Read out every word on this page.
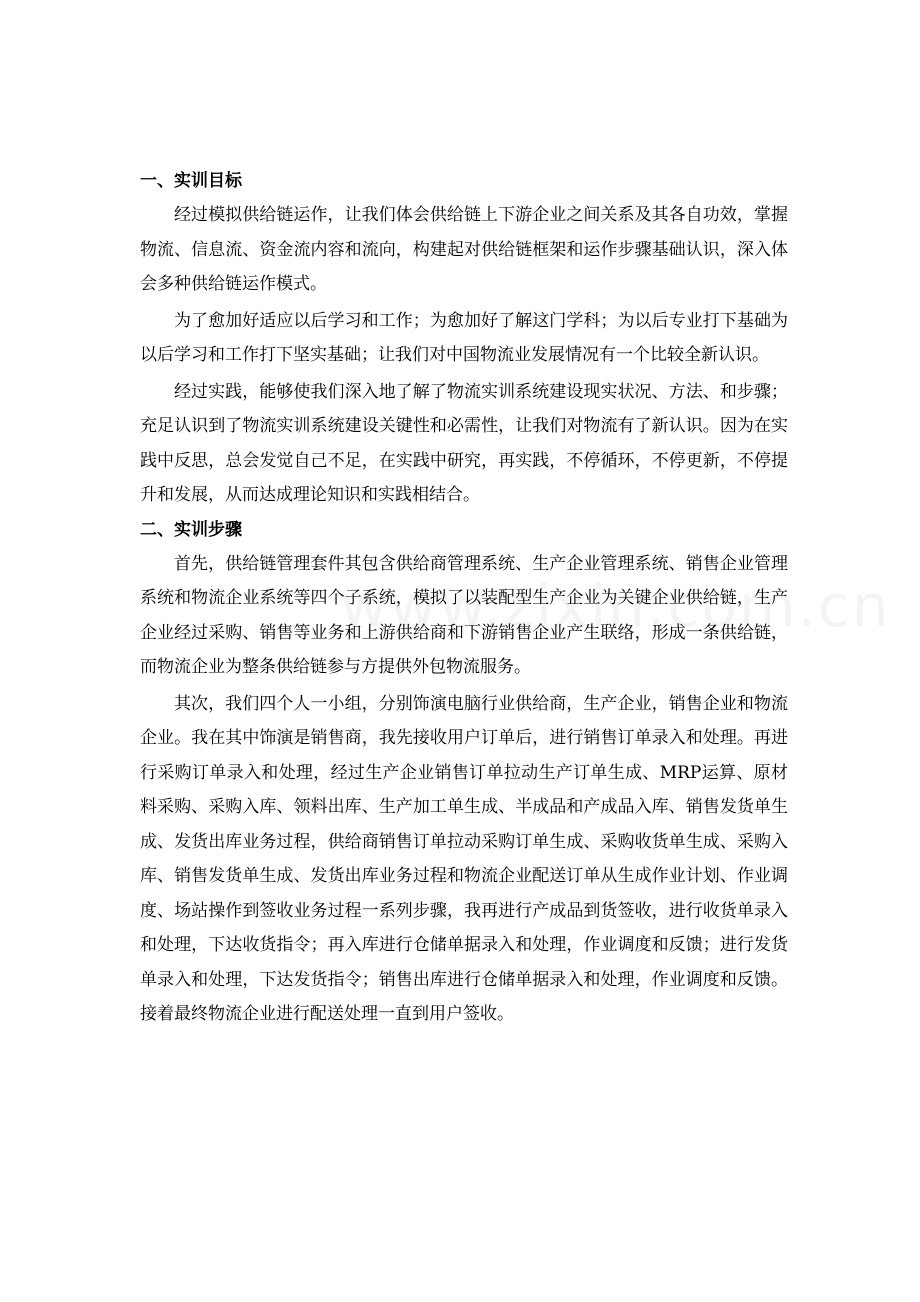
一、实训目标

经过模拟供给链运作，让我们体会供给链上下游企业之间关系及其各自功效，掌握物流、信息流、资金流内容和流向，构建起对供给链框架和运作步骤基础认识，深入体会多种供给链运作模式。

为了愈加好适应以后学习和工作；为愈加好了解这门学科；为以后专业打下基础为以后学习和工作打下坚实基础；让我们对中国物流业发展情况有一个比较全新认识。

经过实践，能够使我们深入地了解了物流实训系统建设现实状况、方法、和步骤；充足认识到了物流实训系统建设关键性和必需性，让我们对物流有了新认识。因为在实践中反思，总会发觉自己不足，在实践中研究，再实践，不停循环，不停更新，不停提升和发展，从而达成理论知识和实践相结合。

二、实训步骤

首先，供给链管理套件其包含供给商管理系统、生产企业管理系统、销售企业管理系统和物流企业系统等四个子系统，模拟了以装配型生产企业为关键企业供给链，生产企业经过采购、销售等业务和上游供给商和下游销售企业产生联络，形成一条供给链，而物流企业为整条供给链参与方提供外包物流服务。

其次，我们四个人一小组，分别饰演电脑行业供给商，生产企业，销售企业和物流企业。我在其中饰演是销售商，我先接收用户订单后，进行销售订单录入和处理。再进行采购订单录入和处理，经过生产企业销售订单拉动生产订单生成、MRP运算、原材料采购、采购入库、领料出库、生产加工单生成、半成品和产成品入库、销售发货单生成、发货出库业务过程，供给商销售订单拉动采购订单生成、采购收货单生成、采购入库、销售发货单生成、发货出库业务过程和物流企业配送订单从生成作业计划、作业调度、场站操作到签收业务过程一系列步骤，我再进行产成品到货签收，进行收货单录入和处理，下达收货指令；再入库进行仓储单据录入和处理，作业调度和反馈；进行发货单录入和处理，下达发货指令；销售出库进行仓储单据录入和处理，作业调度和反馈。接着最终物流企业进行配送处理一直到用户签收。
